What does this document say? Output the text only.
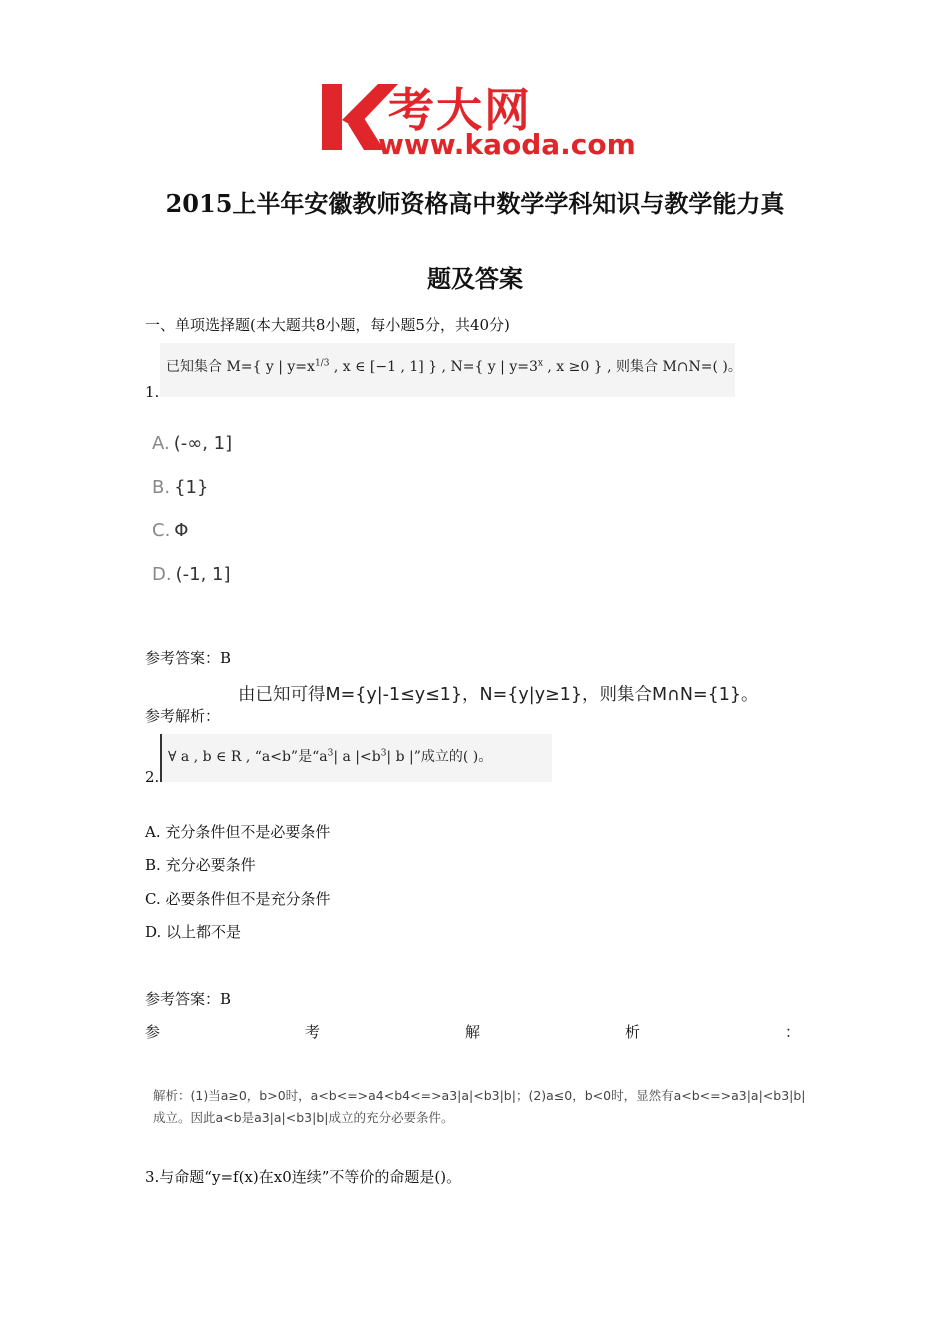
考大网
www.kaoda.com
2015上半年安徽教师资格高中数学学科知识与教学能力真
题及答案
一、单项选择题(本大题共8小题，每小题5分，共40分)
已知集合 M={ y | $y=x^{1/3}$ , x ∈ [−1 , 1] } , N={ y | $y=3^x$ , x ≥0 } , 则集合 M∩N=( )。
1.
A. (-∞, 1]
B. {1}
C. Φ
D. (-1, 1]
参考答案：B
由已知可得M={y|-1≤y≤1}，N={y|y≥1}，则集合M∩N={1}。
参考解析：
∀ a , b ∈ R , “a<b”是“$a^3|$ a $|<b^3|$ b |”成立的( )。
2.
A. 充分条件但不是必要条件
B. 充分必要条件
C. 必要条件但不是充分条件
D. 以上都不是
参考答案：B
参	考	解	析	：
解析：(1)当a≥0，b>0时，a<b<=>a4<b4<=>a3|a|<b3|b|；(2)a≤0，b<0时，显然有a<b<=>a3|a|<b3|b|
成立。因此a<b是a3|a|<b3|b|成立的充分必要条件。
3.与命题“y=f(x)在x0连续”不等价的命题是()。
